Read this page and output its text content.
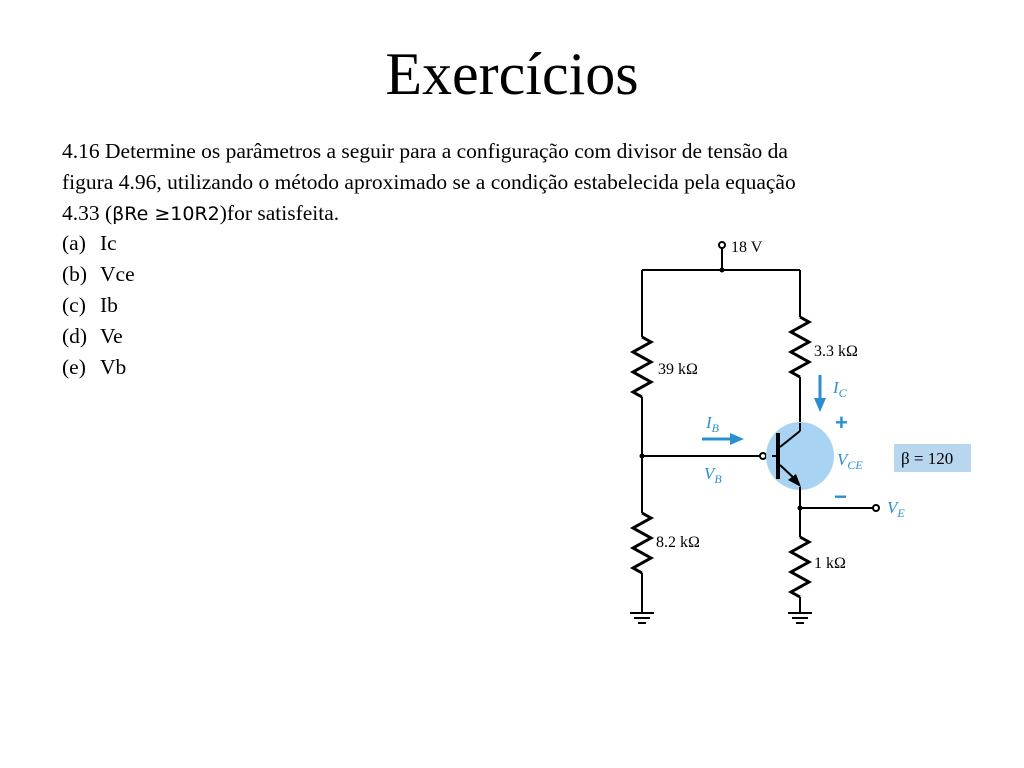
Exercícios
4.16 Determine os parâmetros a seguir para a configuração com divisor de tensão da
figura 4.96, utilizando o método aproximado se a condição estabelecida pela equação
4.33 (βRe ≥10R2)for satisfeita.
(a) Ic
(b) Vce
(c) Ib
(d) Ve
(e) Vb
18 V
39 kΩ
8.2 kΩ
3.3 kΩ
1 kΩ
$I_B$
$V_B$
$I_C$
$V_{CE}$
$V_E$
+
−
β = 120
